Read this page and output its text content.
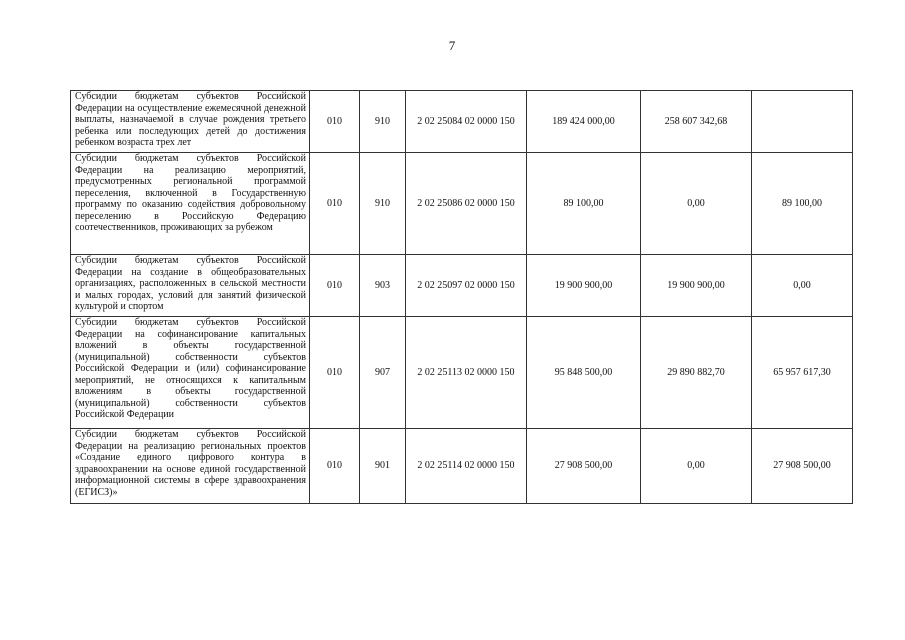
7
Субсидии бюджетам субъектов Российской Федерации на осуществление ежемесячной денежной выплаты, назначаемой в случае рождения третьего ребенка или последующих детей до достижения ребенком возраста трех лет	010	910	2 02 25084 02 0000 150	189 424 000,00	258 607 342,68	
Субсидии бюджетам субъектов Российской Федерации на реализацию мероприятий, предусмотренных региональной программой переселения, включенной в Государственную программу по оказанию содействия добровольному переселению в Российскую Федерацию соотечественников, проживающих за рубежом	010	910	2 02 25086 02 0000 150	89 100,00	0,00	89 100,00
Субсидии бюджетам субъектов Российской Федерации на создание в общеобразовательных организациях, расположенных в сельской местности и малых городах, условий для занятий физической культурой и спортом	010	903	2 02 25097 02 0000 150	19 900 900,00	19 900 900,00	0,00
Субсидии бюджетам субъектов Российской Федерации на софинансирование капитальных вложений в объекты государственной (муниципальной) собственности субъектов Российской Федерации и (или) софинансирование мероприятий, не относящихся к капитальным вложениям в объекты государственной (муниципальной) собственности субъектов Российской Федерации	010	907	2 02 25113 02 0000 150	95 848 500,00	29 890 882,70	65 957 617,30
Субсидии бюджетам субъектов Российской Федерации на реализацию региональных проектов «Создание единого цифрового контура в здравоохранении на основе единой государственной информационной системы в сфере здравоохранения (ЕГИСЗ)»	010	901	2 02 25114 02 0000 150	27 908 500,00	0,00	27 908 500,00
